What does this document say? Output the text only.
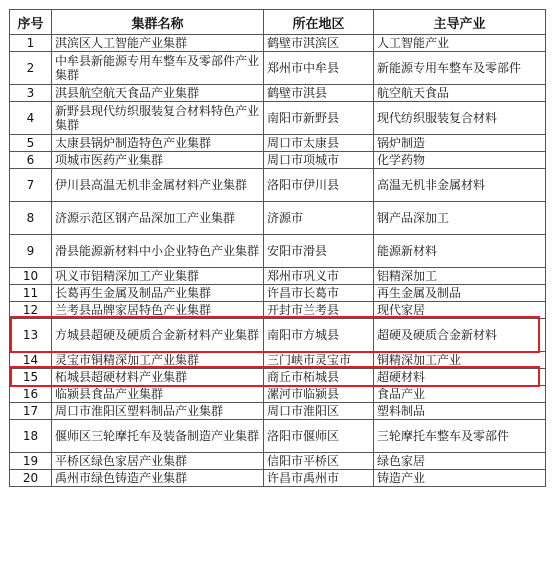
序号	集群名称	所在地区	主导产业
1	淇滨区人工智能产业集群	鹤壁市淇滨区	人工智能产业
2	中牟县新能源专用车整车及零部件产业集群	郑州市中牟县	新能源专用车整车及零部件
3	淇县航空航天食品产业集群	鹤壁市淇县	航空航天食品
4	新野县现代纺织服装复合材料特色产业集群	南阳市新野县	现代纺织服装复合材料
5	太康县锅炉制造特色产业集群	周口市太康县	锅炉制造
6	项城市医药产业集群	周口市项城市	化学药物
7	伊川县高温无机非金属材料产业集群	洛阳市伊川县	高温无机非金属材料
8	济源示范区钢产品深加工产业集群	济源市	钢产品深加工
9	滑县能源新材料中小企业特色产业集群	安阳市滑县	能源新材料
10	巩义市铝精深加工产业集群	郑州市巩义市	铝精深加工
11	长葛再生金属及制品产业集群	许昌市长葛市	再生金属及制品
12	兰考县品牌家居特色产业集群	开封市兰考县	现代家居
13	方城县超硬及硬质合金新材料产业集群	南阳市方城县	超硬及硬质合金新材料
14	灵宝市铜精深加工产业集群	三门峡市灵宝市	铜精深加工产业
15	柘城县超硬材料产业集群	商丘市柘城县	超硬材料
16	临颍县食品产业集群	漯河市临颍县	食品产业
17	周口市淮阳区塑料制品产业集群	周口市淮阳区	塑料制品
18	偃师区三轮摩托车及装备制造产业集群	洛阳市偃师区	三轮摩托车整车及零部件
19	平桥区绿色家居产业集群	信阳市平桥区	绿色家居
20	禹州市绿色铸造产业集群	许昌市禹州市	铸造产业
